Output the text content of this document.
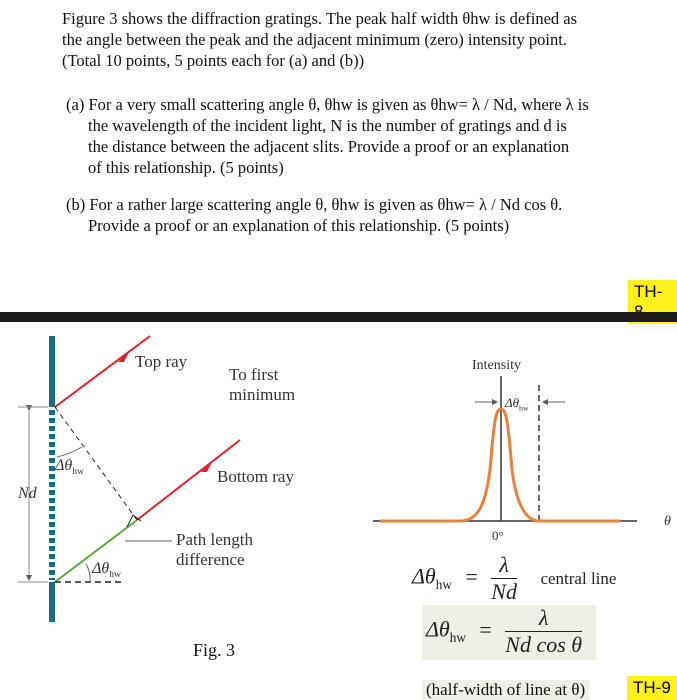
Figure 3 shows the diffraction gratings. The peak half width θhw is defined as
the angle between the peak and the adjacent minimum (zero) intensity point.
(Total 10 points, 5 points each for (a) and (b))
(a) For a very small scattering angle θ, θhw is given as θhw= λ / Nd, where λ is
the wavelength of the incident light, N is the number of gratings and d is
the distance between the adjacent slits. Provide a proof or an explanation
of this relationship. (5 points)
(b) For a rather large scattering angle θ, θhw is given as θhw= λ / Nd cos θ.
Provide a proof or an explanation of this relationship. (5 points)
TH-
Top ray
To first
minimum
Bottom ray
Path length
difference
$\Delta\theta_{hw}$
$\Delta\theta_{hw}$
Nd
Fig. 3
Intensity
$\Delta\theta_{hw}$
0°
θ
$\Delta\theta_{hw} = \frac{\lambda}{Nd}$ central line
$\Delta\theta_{hw} = \frac{\lambda}{\text{Nd cos θ}}$
(half-width of line at θ)	TH-9
